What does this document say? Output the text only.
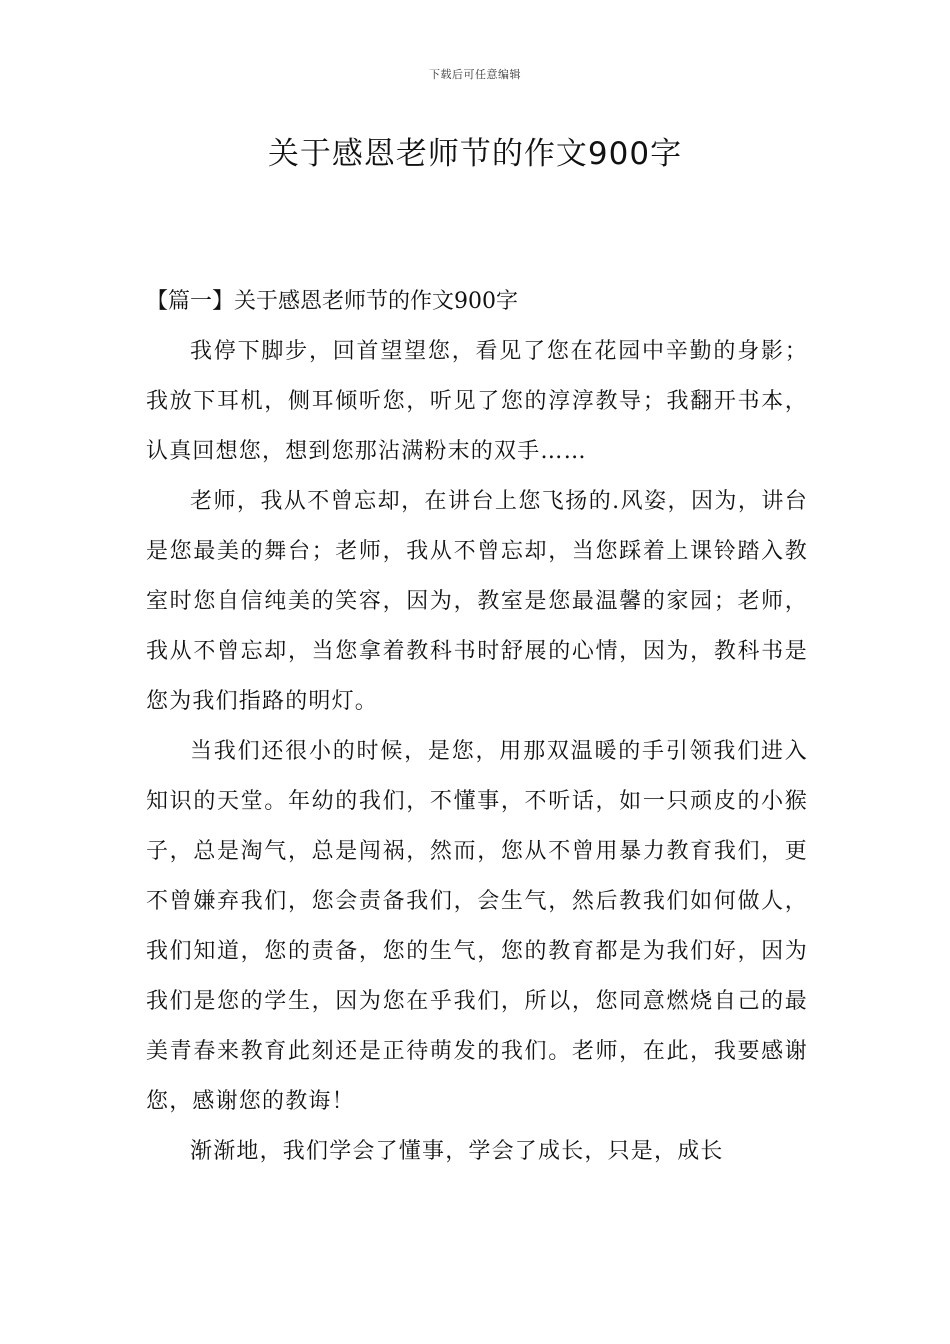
下载后可任意编辑
关于感恩老师节的作文900字

【篇一】关于感恩老师节的作文900字

我停下脚步，回首望望您，看见了您在花园中辛勤的身影；我放下耳机，侧耳倾听您，听见了您的淳淳教导；我翻开书本，认真回想您，想到您那沾满粉末的双手……

老师，我从不曾忘却，在讲台上您飞扬的.风姿，因为，讲台是您最美的舞台；老师，我从不曾忘却，当您踩着上课铃踏入教室时您自信纯美的笑容，因为，教室是您最温馨的家园；老师，我从不曾忘却，当您拿着教科书时舒展的心情，因为，教科书是您为我们指路的明灯。

当我们还很小的时候，是您，用那双温暖的手引领我们进入知识的天堂。年幼的我们，不懂事，不听话，如一只顽皮的小猴子，总是淘气，总是闯祸，然而，您从不曾用暴力教育我们，更不曾嫌弃我们，您会责备我们，会生气，然后教我们如何做人，我们知道，您的责备，您的生气，您的教育都是为我们好，因为我们是您的学生，因为您在乎我们，所以，您同意燃烧自己的最美青春来教育此刻还是正待萌发的我们。老师，在此，我要感谢您，感谢您的教诲！

渐渐地，我们学会了懂事，学会了成长，只是，成长
